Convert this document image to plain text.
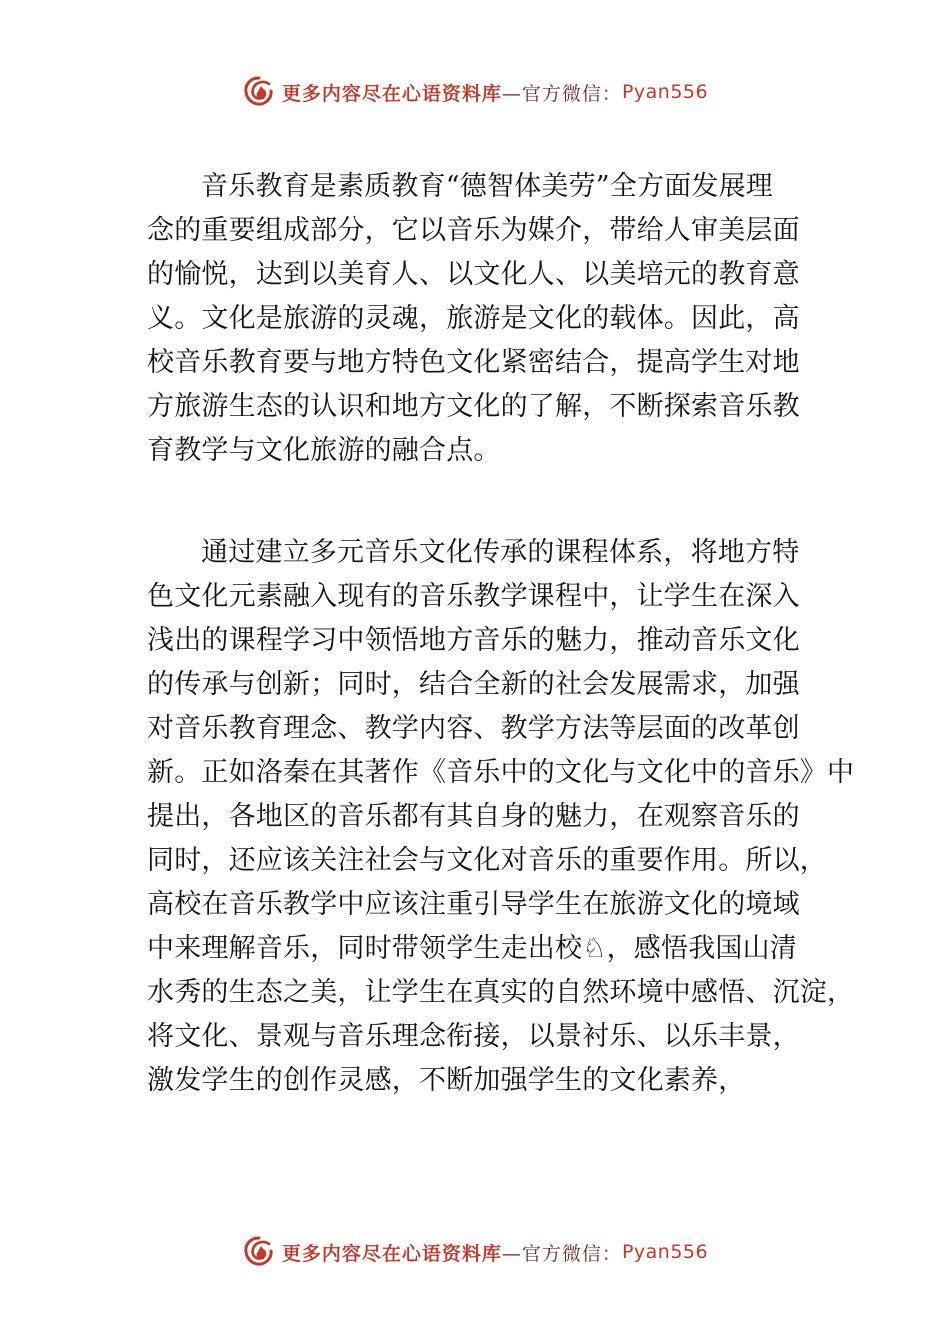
更多内容尽在心语资料库 —官方微信： Pyan556
音乐教育是素质教育“德智体美劳”全方面发展理
念的重要组成部分，它以音乐为媒介，带给人审美层面
的愉悦，达到以美育人、以文化人、以美培元的教育意
义。文化是旅游的灵魂，旅游是文化的载体。因此，高
校音乐教育要与地方特色文化紧密结合，提高学生对地
方旅游生态的认识和地方文化的了解，不断探索音乐教
育教学与文化旅游的融合点。
通过建立多元音乐文化传承的课程体系，将地方特
色文化元素融入现有的音乐教学课程中，让学生在深入
浅出的课程学习中领悟地方音乐的魅力，推动音乐文化
的传承与创新；同时，结合全新的社会发展需求，加强
对音乐教育理念、教学内容、教学方法等层面的改革创
新。正如洛秦在其著作《音乐中的文化与文化中的音乐》中
提出，各地区的音乐都有其自身的魅力，在观察音乐的
同时，还应该关注社会与文化对音乐的重要作用。所以，
高校在音乐教学中应该注重引导学生在旅游文化的境域
中来理解音乐，同时带领学生走出校♘，感悟我国山清
水秀的生态之美，让学生在真实的自然环境中感悟、沉淀，
将文化、景观与音乐理念衔接，以景衬乐、以乐丰景，
激发学生的创作灵感，不断加强学生的文化素养，
更多内容尽在心语资料库 —官方微信： Pyan556
